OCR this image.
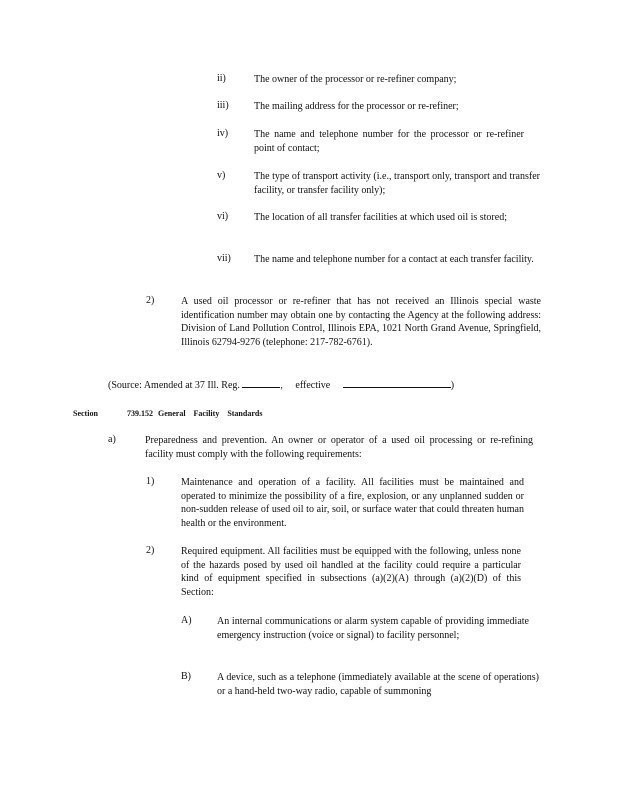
ii)	The owner of the processor or re-refiner company;
iii)	The mailing address for the processor or re-refiner;
iv)	The name and telephone number for the processor or re-refiner point of contact;
v)	The type of transport activity (i.e., transport only, transport and transfer facility, or transfer facility only);
vi)	The location of all transfer facilities at which used oil is stored;
vii) The name and telephone number for a contact at each transfer facility.
2)	A used oil processor or re-refiner that has not received an Illinois special waste identification number may obtain one by contacting the Agency at the following address: Division of Land Pollution Control, Illinois EPA, 1021 North Grand Avenue, Springfield, Illinois 62794-9276 (telephone: 217-782-6761).
(Source: Amended at 37 Ill. Reg.	, effective	)
Section	739.152 General Facility Standards
a)	Preparedness and prevention. An owner or operator of a used oil processing or re-refining facility must comply with the following requirements:
1)	Maintenance and operation of a facility. All facilities must be maintained and operated to minimize the possibility of a fire, explosion, or any unplanned sudden or non-sudden release of used oil to air, soil, or surface water that could threaten human health or the environment.
2)	Required equipment. All facilities must be equipped with the following, unless none of the hazards posed by used oil handled at the facility could require a particular kind of equipment specified in subsections (a)(2)(A) through (a)(2)(D) of this Section:
A)	An internal communications or alarm system capable of providing immediate emergency instruction (voice or signal) to facility personnel;
B)	A device, such as a telephone (immediately available at the scene of operations) or a hand-held two-way radio, capable of summoning
